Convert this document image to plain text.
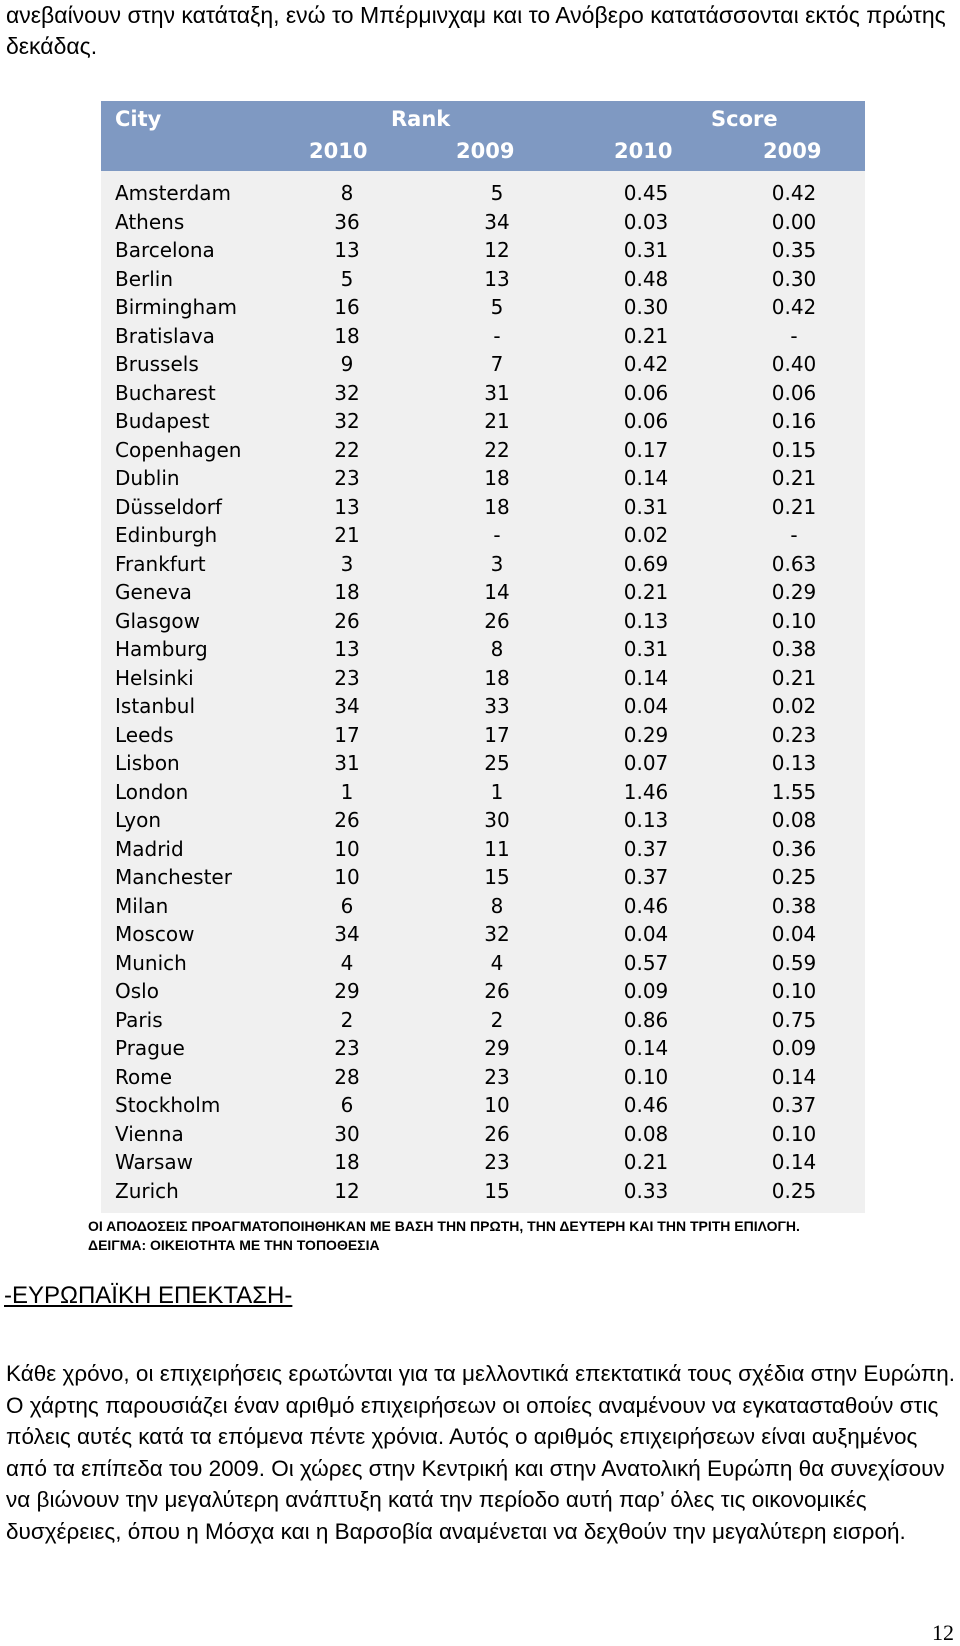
ανεβαίνουν στην κατάταξη, ενώ το Μπέρμινχαμ και το Ανόβερο κατατάσσονται εκτός πρώτης δεκάδας.

City	Rank	Score
2010	2009	2010	2009
Amsterdam	8	5	0.45	0.42
Athens	36	34	0.03	0.00
Barcelona	13	12	0.31	0.35
Berlin	5	13	0.48	0.30
Birmingham	16	5	0.30	0.42
Bratislava	18	-	0.21	-
Brussels	9	7	0.42	0.40
Bucharest	32	31	0.06	0.06
Budapest	32	21	0.06	0.16
Copenhagen	22	22	0.17	0.15
Dublin	23	18	0.14	0.21
Düsseldorf	13	18	0.31	0.21
Edinburgh	21	-	0.02	-
Frankfurt	3	3	0.69	0.63
Geneva	18	14	0.21	0.29
Glasgow	26	26	0.13	0.10
Hamburg	13	8	0.31	0.38
Helsinki	23	18	0.14	0.21
Istanbul	34	33	0.04	0.02
Leeds	17	17	0.29	0.23
Lisbon	31	25	0.07	0.13
London	1	1	1.46	1.55
Lyon	26	30	0.13	0.08
Madrid	10	11	0.37	0.36
Manchester	10	15	0.37	0.25
Milan	6	8	0.46	0.38
Moscow	34	32	0.04	0.04
Munich	4	4	0.57	0.59
Oslo	29	26	0.09	0.10
Paris	2	2	0.86	0.75
Prague	23	29	0.14	0.09
Rome	28	23	0.10	0.14
Stockholm	6	10	0.46	0.37
Vienna	30	26	0.08	0.10
Warsaw	18	23	0.21	0.14
Zurich	12	15	0.33	0.25
ΟΙ ΑΠΟΔΟΣΕΙΣ ΠΡΟΑΓΜΑΤΟΠΟΙΗΘΗΚΑΝ ΜΕ ΒΑΣΗ ΤΗΝ ΠΡΩΤΗ, ΤΗΝ ΔΕΥΤΕΡΗ ΚΑΙ ΤΗΝ ΤΡΙΤΗ ΕΠΙΛΟΓΗ.
ΔΕΙΓΜΑ: ΟΙΚΕΙΟΤΗΤΑ ΜΕ ΤΗΝ ΤΟΠΟΘΕΣΙΑ

-ΕΥΡΩΠΑΪΚΗ ΕΠΕΚΤΑΣΗ-

Κάθε χρόνο, οι επιχειρήσεις ερωτώνται για τα μελλοντικά επεκτατικά τους σχέδια στην Ευρώπη. Ο χάρτης παρουσιάζει έναν αριθμό επιχειρήσεων οι οποίες αναμένουν να εγκατασταθούν στις πόλεις αυτές κατά τα επόμενα πέντε χρόνια. Αυτός ο αριθμός επιχειρήσεων είναι αυξημένος από τα επίπεδα του 2009. Οι χώρες στην Κεντρική και στην Ανατολική Ευρώπη θα συνεχίσουν να βιώνουν την μεγαλύτερη ανάπτυξη κατά την περίοδο αυτή παρ’ όλες τις οικονομικές δυσχέρειες, όπου η Μόσχα και η Βαρσοβία αναμένεται να δεχθούν την μεγαλύτερη εισροή.

12
